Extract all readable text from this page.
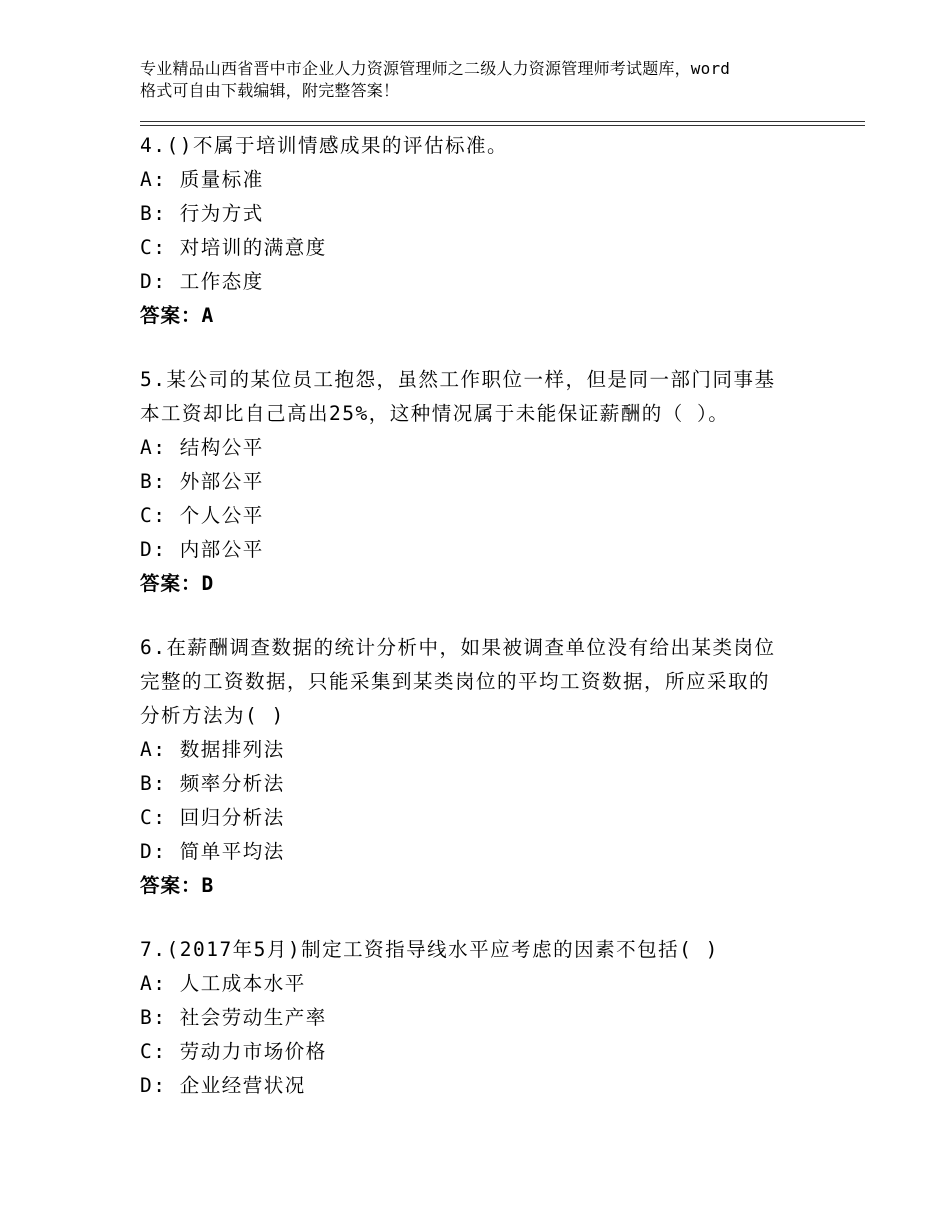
专业精品山西省晋中市企业人力资源管理师之二级人力资源管理师考试题库，word
格式可自由下载编辑，附完整答案！
4.()不属于培训情感成果的评估标准。
A: 质量标准
B: 行为方式
C: 对培训的满意度
D: 工作态度
答案：A
5.某公司的某位员工抱怨，虽然工作职位一样，但是同一部门同事基
本工资却比自己高出25%，这种情况属于未能保证薪酬的（ ）。
A: 结构公平
B: 外部公平
C: 个人公平
D: 内部公平
答案：D
6.在薪酬调查数据的统计分析中，如果被调查单位没有给出某类岗位
完整的工资数据，只能采集到某类岗位的平均工资数据，所应采取的
分析方法为( )
A: 数据排列法
B: 频率分析法
C: 回归分析法
D: 简单平均法
答案：B
7.(2017年5月)制定工资指导线水平应考虑的因素不包括( )
A: 人工成本水平
B: 社会劳动生产率
C: 劳动力市场价格
D: 企业经营状况
